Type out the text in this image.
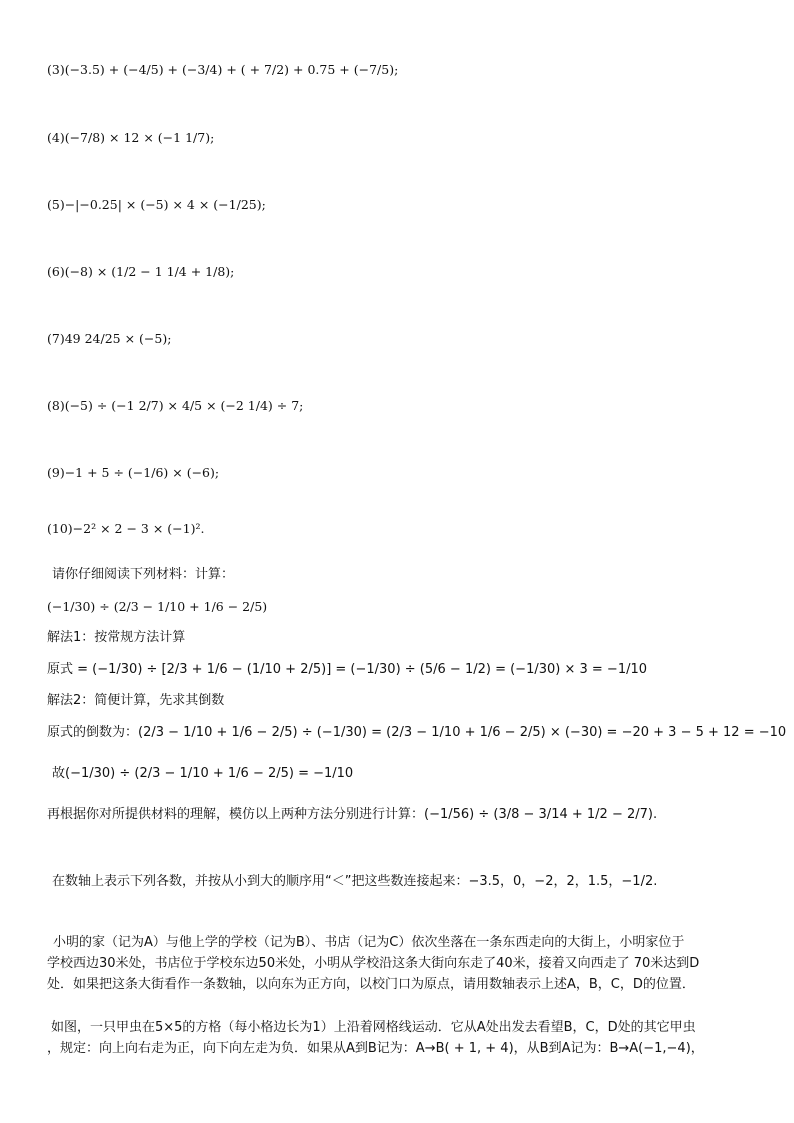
(3)(−3.5) + (−4/5) + (−3/4) + ( + 7/2) + 0.75 + (−7/5);
(4)(−7/8) × 12 × (−1 1/7);
(5)−|−0.25| × (−5) × 4 × (−1/25);
(6)(−8) × (1/2 − 1 1/4 + 1/8);
(7)49 24/25 × (−5);
(8)(−5) ÷ (−1 2/7) × 4/5 × (−2 1/4) ÷ 7;
(9)−1 + 5 ÷ (−1/6) × (−6);
(10)−2² × 2 − 3 × (−1)².
请你仔细阅读下列材料：计算：
(−1/30) ÷ (2/3 − 1/10 + 1/6 − 2/5)
解法1：按常规方法计算
原式 = (−1/30) ÷ [2/3 + 1/6 − (1/10 + 2/5)] = (−1/30) ÷ (5/6 − 1/2) = (−1/30) × 3 = −1/10
解法2：简便计算，先求其倒数
原式的倒数为：(2/3 − 1/10 + 1/6 − 2/5) ÷ (−1/30) = (2/3 − 1/10 + 1/6 − 2/5) × (−30) = −20 + 3 − 5 + 12 = −10
故(−1/30) ÷ (2/3 − 1/10 + 1/6 − 2/5) = −1/10
再根据你对所提供材料的理解，模仿以上两种方法分别进行计算：(−1/56) ÷ (3/8 − 3/14 + 1/2 − 2/7).
在数轴上表示下列各数，并按从小到大的顺序用“＜”把这些数连接起来：−3.5，0，−2，2，1.5，−1/2.
小明的家（记为A）与他上学的学校（记为B）、书店（记为C）依次坐落在一条东西走向的大街上，小明家位于
学校西边30米处，书店位于学校东边50米处，小明从学校沿这条大街向东走了40米，接着又向西走了 70米达到D
处．如果把这条大街看作一条数轴，以向东为正方向，以校门口为原点，请用数轴表示上述A，B，C，D的位置．
如图，一只甲虫在5×5的方格（每小格边长为1）上沿着网格线运动．它从A处出发去看望B，C，D处的其它甲虫
，规定：向上向右走为正，向下向左走为负．如果从A到B记为：A→B( + 1, + 4)，从B到A记为：B→A(−1,−4)，
